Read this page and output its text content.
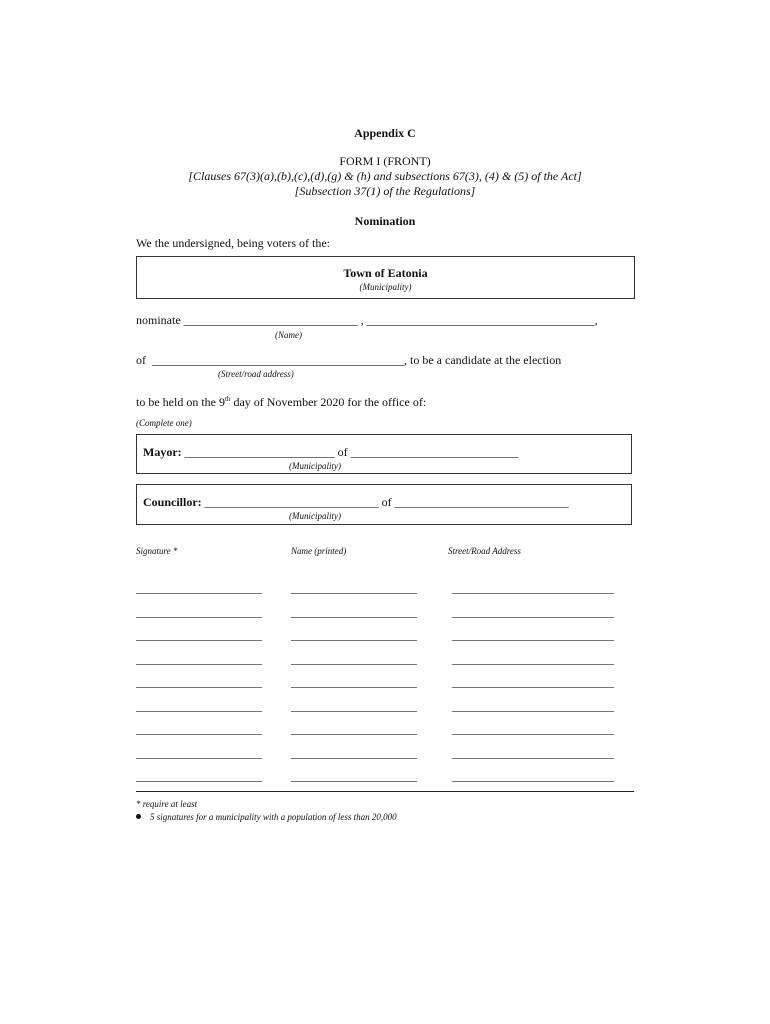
Appendix C
FORM I (FRONT)
[Clauses 67(3)(a),(b),(c),(d),(g) & (h) and subsections 67(3), (4) & (5) of the Act]
[Subsection 37(1) of the Regulations]
Nomination
We the undersigned, being voters of the:
Town of Eatonia
(Municipality)
nominate _____________________________ , ______________________________________,
(Name)
of __________________________________________, to be a candidate at the election
(Street/road address)
to be held on the 9th day of November 2020 for the office of:
(Complete one)
Mayor: _________________________ of ____________________________
(Municipality)
Councillor: _____________________________ of _____________________________
(Municipality)
Signature *	Name (printed)	Street/Road Address
_____________________ _____________________	___________________________
_____________________ _____________________	___________________________
_____________________ _____________________	___________________________
_____________________ _____________________	___________________________
_____________________ _____________________	___________________________
_____________________ _____________________	___________________________
_____________________ _____________________	___________________________
_____________________ _____________________	___________________________
_____________________ _____________________	___________________________
* require at least
5 signatures for a municipality with a population of less than 20,000
